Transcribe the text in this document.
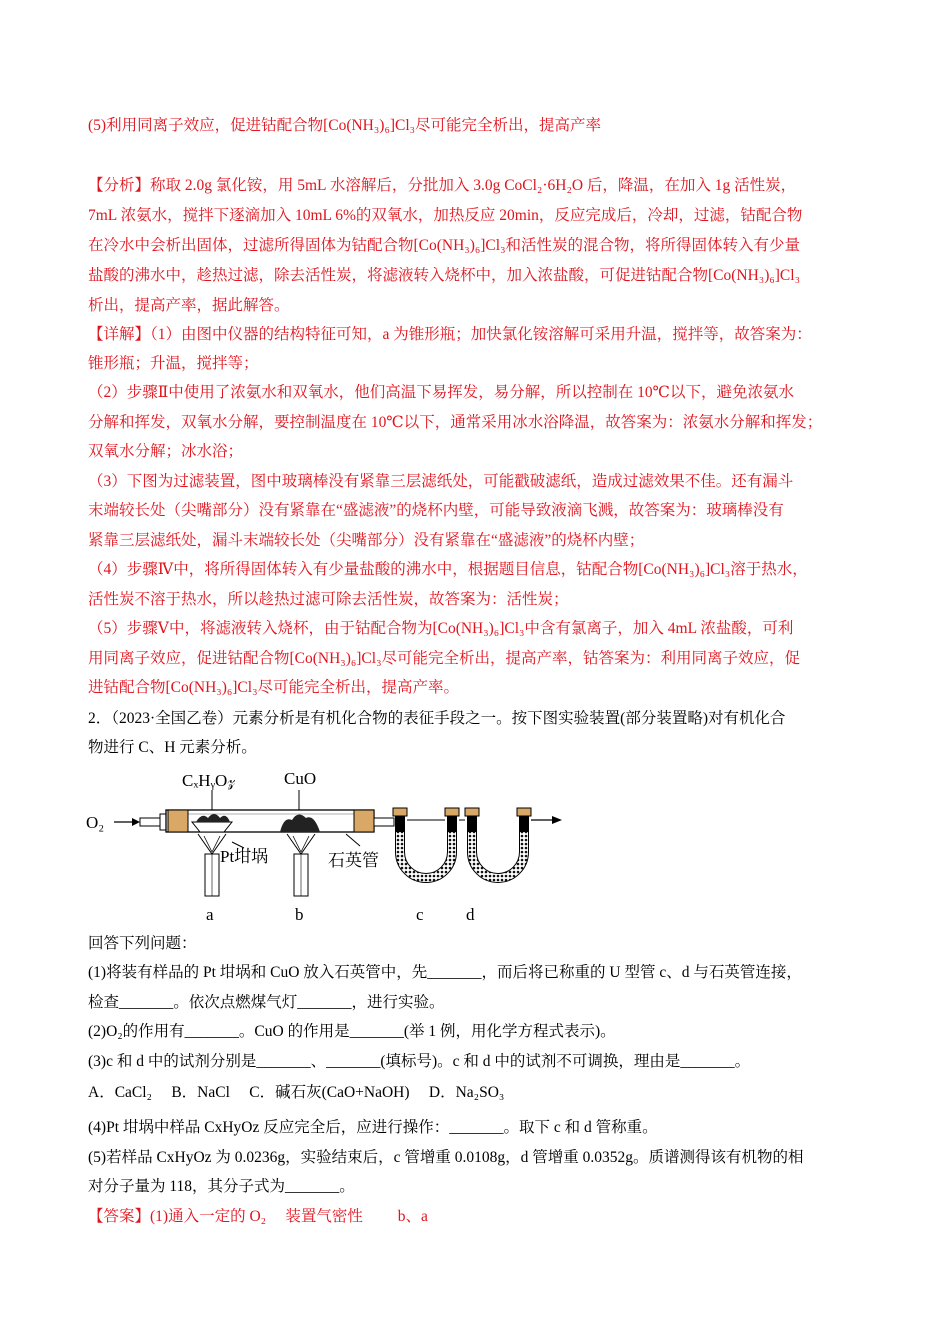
(5)利用同离子效应，促进钴配合物[Co(NH₃)₆]Cl₃尽可能完全析出，提高产率
【分析】称取 2.0g 氯化铵，用 5mL 水溶解后，分批加入 3.0g CoCl₂·6H₂O 后，降温，在加入 1g 活性炭，
7mL 浓氨水，搅拌下逐滴加入 10mL 6%的双氧水，加热反应 20min，反应完成后，冷却，过滤，钴配合物
在冷水中会析出固体，过滤所得固体为钴配合物[Co(NH₃)₆]Cl₃和活性炭的混合物，将所得固体转入有少量
盐酸的沸水中，趁热过滤，除去活性炭，将滤液转入烧杯中，加入浓盐酸，可促进钴配合物[Co(NH₃)₆]Cl₃
析出，提高产率，据此解答。
【详解】（1）由图中仪器的结构特征可知，a 为锥形瓶；加快氯化铵溶解可采用升温，搅拌等，故答案为：
锥形瓶；升温，搅拌等；
（2）步骤Ⅱ中使用了浓氨水和双氧水，他们高温下易挥发，易分解，所以控制在 10℃以下，避免浓氨水
分解和挥发，双氧水分解，要控制温度在 10℃以下，通常采用冰水浴降温，故答案为：浓氨水分解和挥发；
双氧水分解；冰水浴；
（3）下图为过滤装置，图中玻璃棒没有紧靠三层滤纸处，可能戳破滤纸，造成过滤效果不佳。还有漏斗
末端较长处（尖嘴部分）没有紧靠在“盛滤液”的烧杯内壁，可能导致液滴飞溅，故答案为：玻璃棒没有
紧靠三层滤纸处，漏斗末端较长处（尖嘴部分）没有紧靠在“盛滤液”的烧杯内壁；
（4）步骤Ⅳ中，将所得固体转入有少量盐酸的沸水中，根据题目信息，钴配合物[Co(NH₃)₆]Cl₃溶于热水，
活性炭不溶于热水，所以趁热过滤可除去活性炭，故答案为：活性炭；
（5）步骤Ⅴ中，将滤液转入烧杯，由于钴配合物为[Co(NH₃)₆]Cl₃中含有氯离子，加入 4mL 浓盐酸，可利
用同离子效应，促进钴配合物[Co(NH₃)₆]Cl₃尽可能完全析出，提高产率，钴答案为：利用同离子效应，促
进钴配合物[Co(NH₃)₆]Cl₃尽可能完全析出，提高产率。
2．（2023·全国乙卷）元素分析是有机化合物的表征手段之一。按下图实验装置(部分装置略)对有机化合
物进行 C、H 元素分析。
CₓHᵧO𝓏	CuO
O₂
Pt坩埚	石英管
a	b	c d
回答下列问题：
(1)将装有样品的 Pt 坩埚和 CuO 放入石英管中，先_______，而后将已称重的 U 型管 c、d 与石英管连接，
检查_______。依次点燃煤气灯_______，进行实验。
(2)O₂的作用有_______。CuO 的作用是_______(举 1 例，用化学方程式表示)。
(3)c 和 d 中的试剂分别是_______、_______(填标号)。c 和 d 中的试剂不可调换，理由是_______。
A．CaCl₂　 B．NaCl　 C．碱石灰(CaO+NaOH)　 D．Na₂SO₃
(4)Pt 坩埚中样品 CxHyOz 反应完全后，应进行操作：_______。取下 c 和 d 管称重。
(5)若样品 CxHyOz 为 0.0236g，实验结束后，c 管增重 0.0108g，d 管增重 0.0352g。质谱测得该有机物的相
对分子量为 118，其分子式为_______。
【答案】(1)通入一定的 O₂　 装置气密性　　 b、a
